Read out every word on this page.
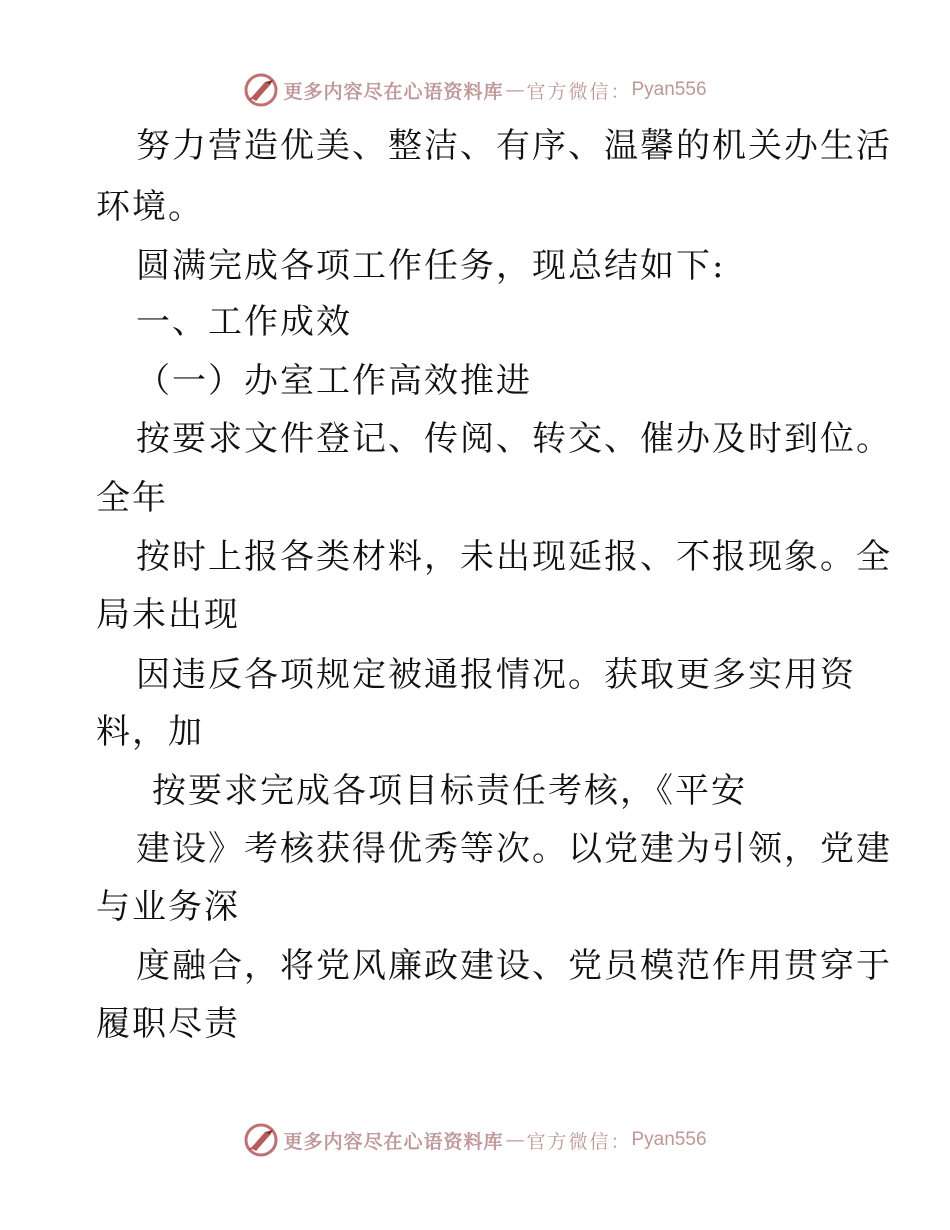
更多内容尽在心语资料库 — 官方微信： Pyan556
努力营造优美、整洁、有序、温馨的机关办生活
环境。
圆满完成各项工作任务，现总结如下:
一、工作成效
（一）办室工作高效推进
按要求文件登记、传阅、转交、催办及时到位。
全年
按时上报各类材料，未出现延报、不报现象。全
局未出现
因违反各项规定被通报情况。获取更多实用资
料，加
按要求完成各项目标责任考核，《平安
建设》考核获得优秀等次。以党建为引领，党建
与业务深
度融合，将党风廉政建设、党员模范作用贯穿于
履职尽责
更多内容尽在心语资料库 — 官方微信： Pyan556
